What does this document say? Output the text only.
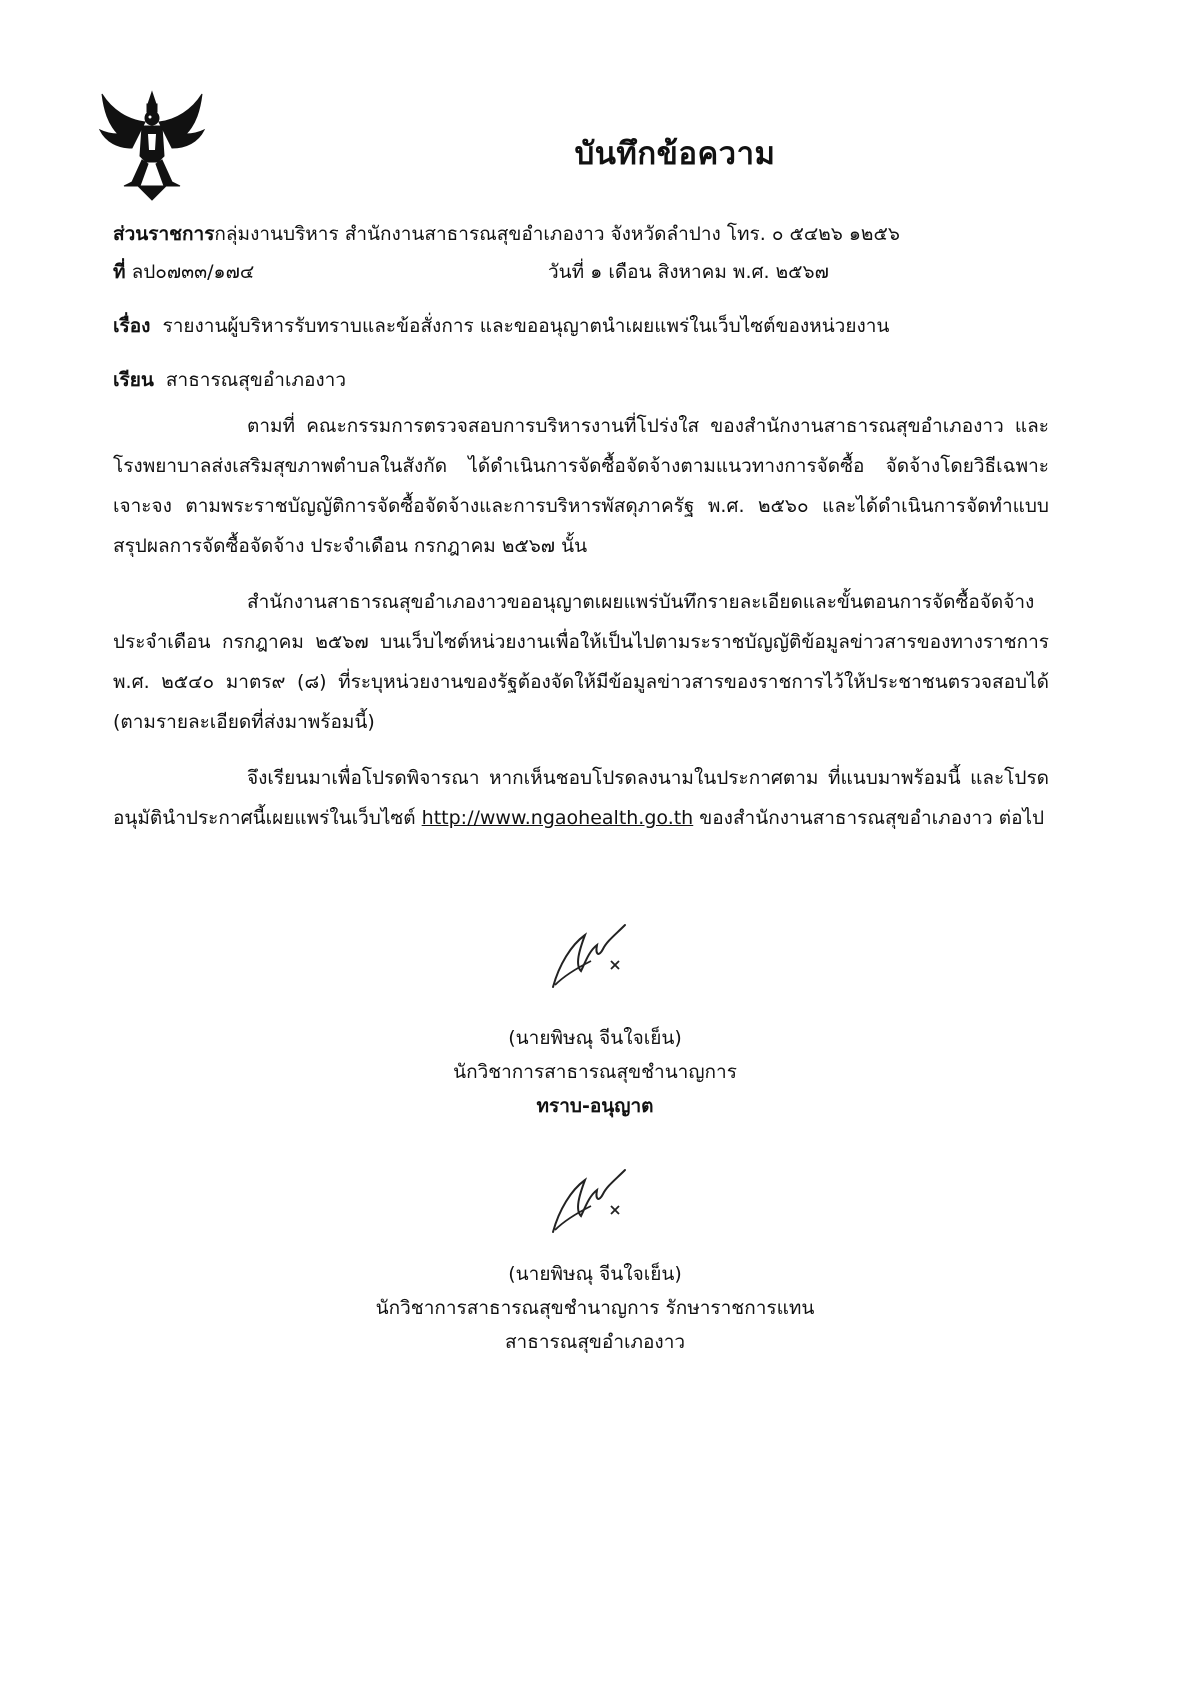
บันทึกข้อความ
ส่วนราชการกลุ่มงานบริหาร สำนักงานสาธารณสุขอำเภองาว จังหวัดลำปาง โทร. ๐ ๕๔๒๖ ๑๒๕๖
ที่ ลป๐๗๓๓/๑๗๔	วันที่ ๑ เดือน สิงหาคม พ.ศ. ๒๕๖๗
เรื่อง รายงานผู้บริหารรับทราบและข้อสั่งการ และขออนุญาตนำเผยแพร่ในเว็บไซต์ของหน่วยงาน
เรียน สาธารณสุขอำเภองาว
ตามที่ คณะกรรมการตรวจสอบการบริหารงานที่โปร่งใส ของสำนักงานสาธารณสุขอำเภองาว และโรงพยาบาลส่งเสริมสุขภาพตำบลในสังกัด ได้ดำเนินการจัดซื้อจัดจ้างตามแนวทางการจัดซื้อ จัดจ้างโดยวิธีเฉพาะเจาะจง ตามพระราชบัญญัติการจัดซื้อจัดจ้างและการบริหารพัสดุภาครัฐ พ.ศ. ๒๕๖๐ และได้ดำเนินการจัดทำแบบสรุปผลการจัดซื้อจัดจ้าง ประจำเดือน กรกฎาคม ๒๕๖๗ นั้น
สำนักงานสาธารณสุขอำเภองาวขออนุญาตเผยแพร่บันทึกรายละเอียดและขั้นตอนการจัดซื้อจัดจ้าง ประจำเดือน กรกฎาคม ๒๕๖๗ บนเว็บไซต์หน่วยงานเพื่อให้เป็นไปตามระราชบัญญัติข้อมูลข่าวสารของทางราชการ พ.ศ. ๒๕๔๐ มาตร๙ (๘) ที่ระบุหน่วยงานของรัฐต้องจัดให้มีข้อมูลข่าวสารของราชการไว้ให้ประชาชนตรวจสอบได้ (ตามรายละเอียดที่ส่งมาพร้อมนี้)
จึงเรียนมาเพื่อโปรดพิจารณา หากเห็นชอบโปรดลงนามในประกาศตาม ที่แนบมาพร้อมนี้ และโปรดอนุมัตินำประกาศนี้เผยแพร่ในเว็บไซต์ http://www.ngaohealth.go.th ของสำนักงานสาธารณสุขอำเภองาว ต่อไป
(นายพิษณุ จีนใจเย็น)
นักวิชาการสาธารณสุขชำนาญการ
ทราบ-อนุญาต
(นายพิษณุ จีนใจเย็น)
นักวิชาการสาธารณสุขชำนาญการ รักษาราชการแทน
สาธารณสุขอำเภองาว
